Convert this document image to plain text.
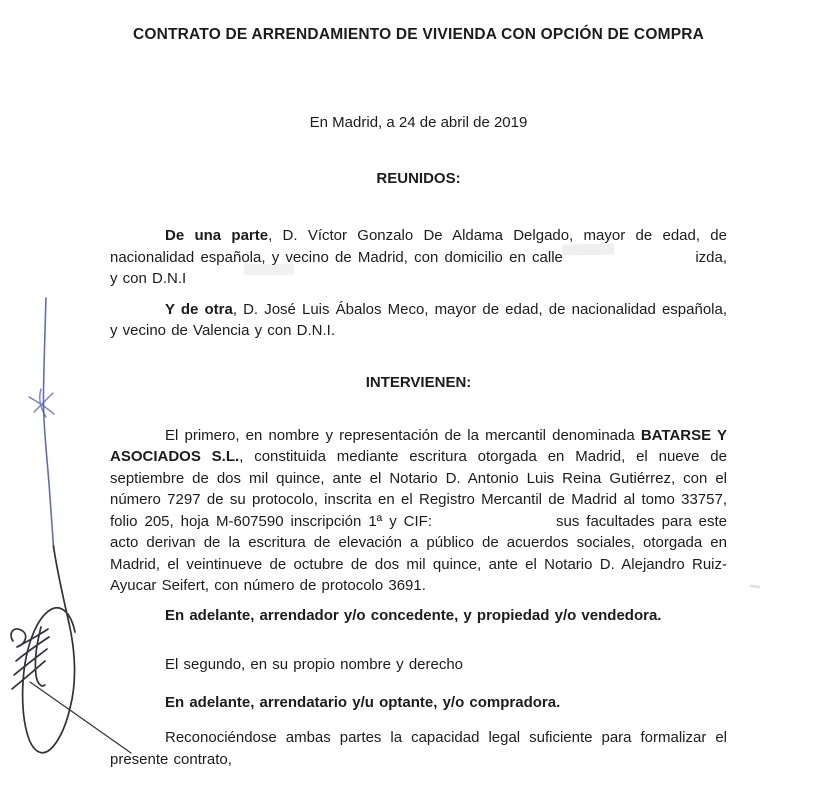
CONTRATO DE ARRENDAMIENTO DE VIVIENDA CON OPCIÓN DE COMPRA

En Madrid, a 24 de abril de 2019

REUNIDOS:

De una parte, D. Víctor Gonzalo De Aldama Delgado, mayor de edad, de nacionalidad española, y vecino de Madrid, con domicilio en calle	izda, y con D.N.I

Y de otra, D. José Luis Ábalos Meco, mayor de edad, de nacionalidad española, y vecino de Valencia y con D.N.I.

INTERVIENEN:

El primero, en nombre y representación de la mercantil denominada BATARSE Y ASOCIADOS S.L., constituida mediante escritura otorgada en Madrid, el nueve de septiembre de dos mil quince, ante el Notario D. Antonio Luis Reina Gutiérrez, con el número 7297 de su protocolo, inscrita en el Registro Mercantil de Madrid al tomo 33757, folio 205, hoja M-607590 inscripción 1ª y CIF:	sus facultades para este acto derivan de la escritura de elevación a público de acuerdos sociales, otorgada en Madrid, el veintinueve de octubre de dos mil quince, ante el Notario D. Alejandro Ruiz-Ayucar Seifert, con número de protocolo 3691.

En adelante, arrendador y/o concedente, y propiedad y/o vendedora.

El segundo, en su propio nombre y derecho

En adelante, arrendatario y/u optante, y/o compradora.

Reconociéndose ambas partes la capacidad legal suficiente para formalizar el presente contrato,
